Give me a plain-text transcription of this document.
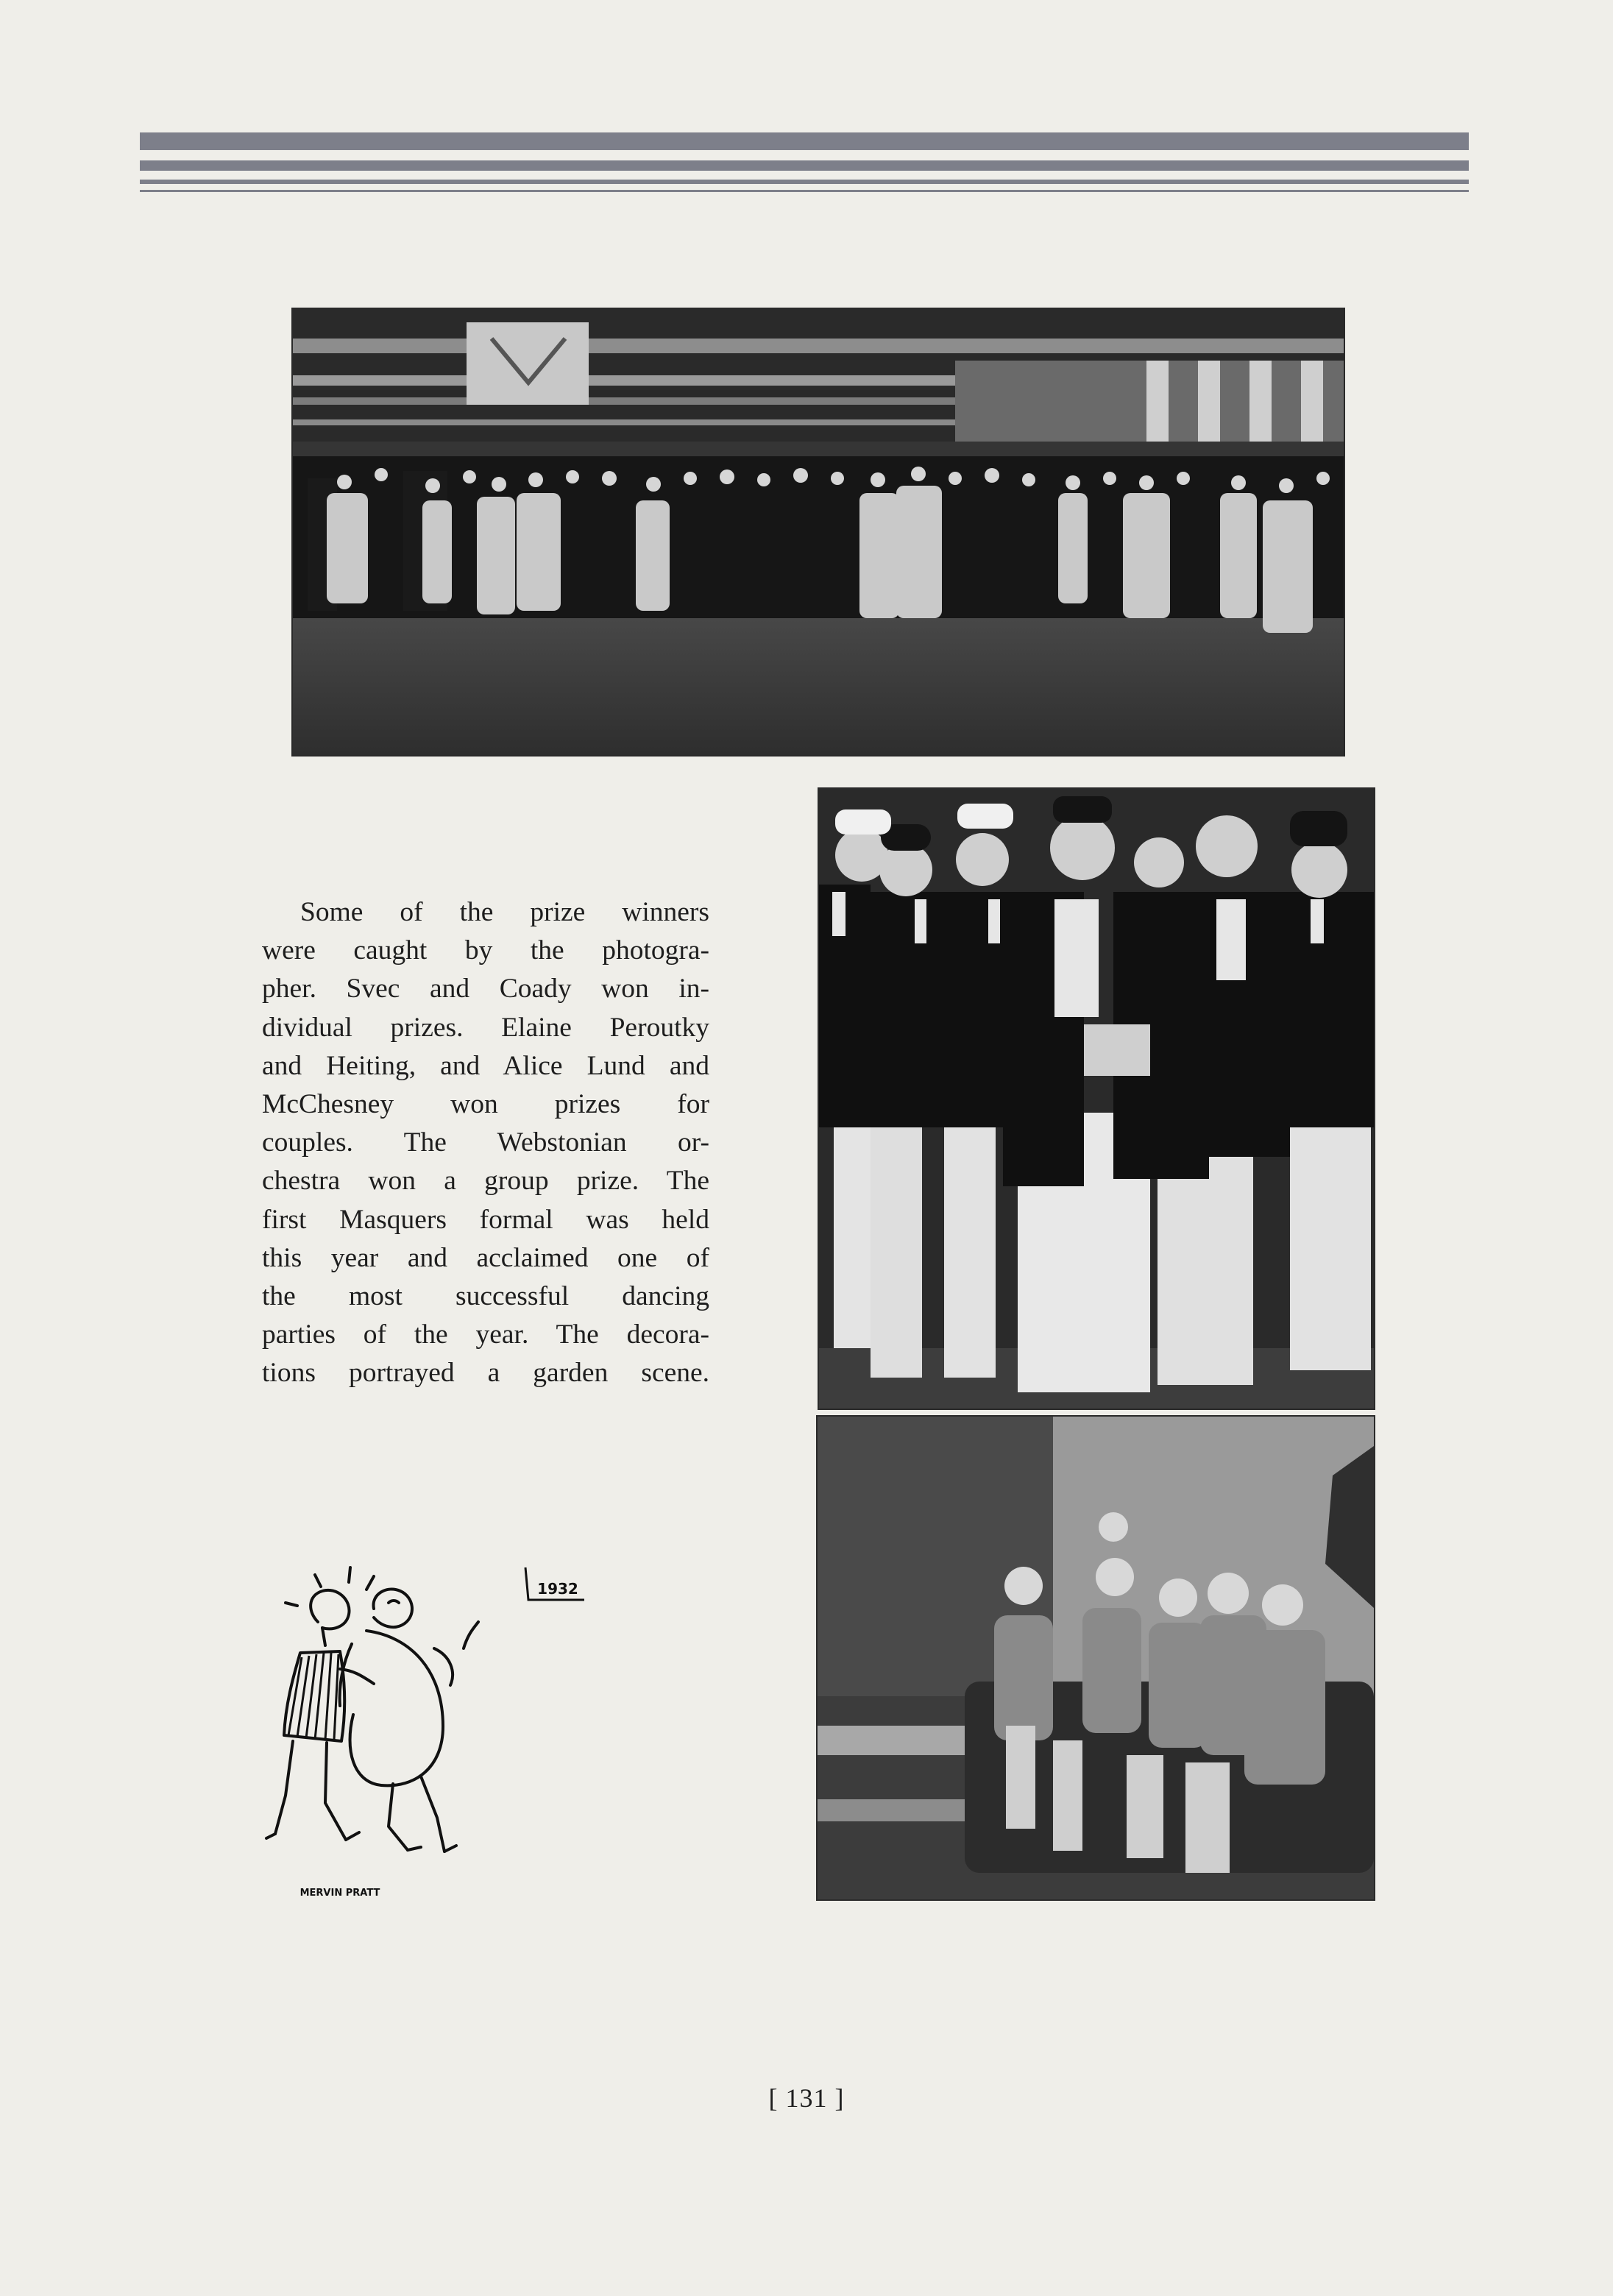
Some of the prize winners
were caught by the photogra-
pher. Svec and Coady won in-
dividual prizes. Elaine Peroutky
and Heiting, and Alice Lund and
McChesney won prizes for
couples. The Webstonian or-
chestra won a group prize. The
first Masquers formal was held
this year and acclaimed one of
the most successful dancing
parties of the year. The decora-
tions portrayed a garden scene.

MERVIN PRATT
1932

[ 131 ]
